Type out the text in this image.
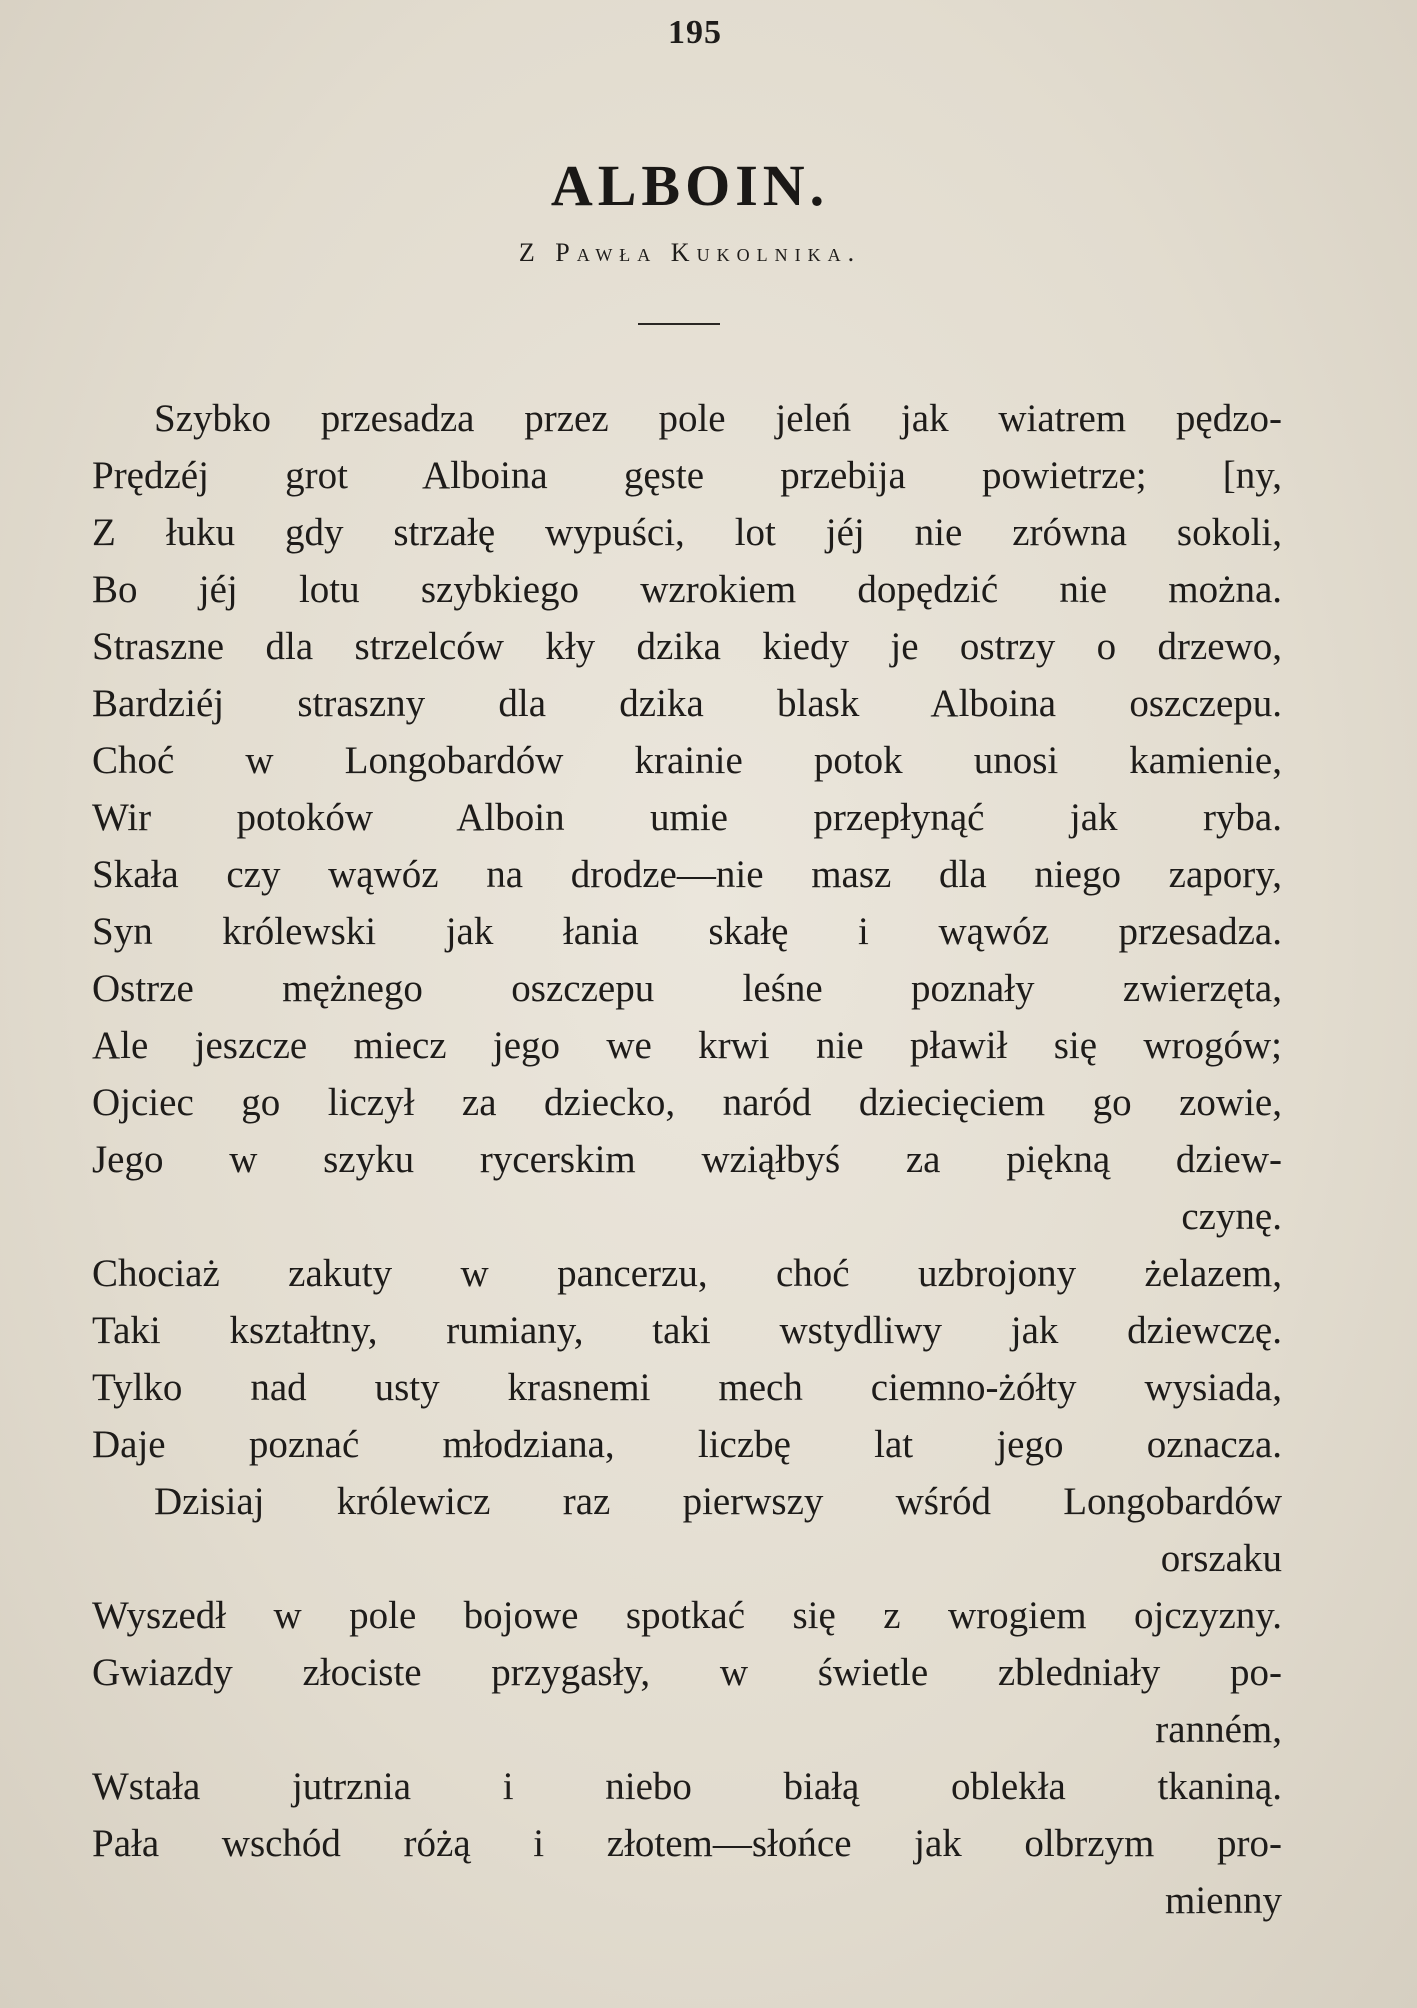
195
ALBOIN.
Z Pawła Kukolnika.
Szybko przesadza przez pole jeleń jak wiatrem pędzo-
Prędzéj grot Alboina gęste przebija powietrze; [ny,
Z łuku gdy strzałę wypuści, lot jéj nie zrówna sokoli,
Bo jéj lotu szybkiego wzrokiem dopędzić nie można.
Straszne dla strzelców kły dzika kiedy je ostrzy o drzewo,
Bardziéj straszny dla dzika blask Alboina oszczepu.
Choć w Longobardów krainie potok unosi kamienie,
Wir potoków Alboin umie przepłynąć jak ryba.
Skała czy wąwóz na drodze—nie masz dla niego zapory,
Syn królewski jak łania skałę i wąwóz przesadza.
Ostrze mężnego oszczepu leśne poznały zwierzęta,
Ale jeszcze miecz jego we krwi nie pławił się wrogów;
Ojciec go liczył za dziecko, naród dziecięciem go zowie,
Jego w szyku rycerskim wziąłbyś za piękną dziew-
czynę.
Chociaż zakuty w pancerzu, choć uzbrojony żelazem,
Taki kształtny, rumiany, taki wstydliwy jak dziewczę.
Tylko nad usty krasnemi mech ciemno-żółty wysiada,
Daje poznać młodziana, liczbę lat jego oznacza.
Dzisiaj królewicz raz pierwszy wśród Longobardów
orszaku
Wyszedł w pole bojowe spotkać się z wrogiem ojczyzny.
Gwiazdy złociste przygasły, w świetle zbledniały po-
ranném,
Wstała jutrznia i niebo białą oblekła tkaniną.
Pała wschód różą i złotem—słońce jak olbrzym pro-
mienny
